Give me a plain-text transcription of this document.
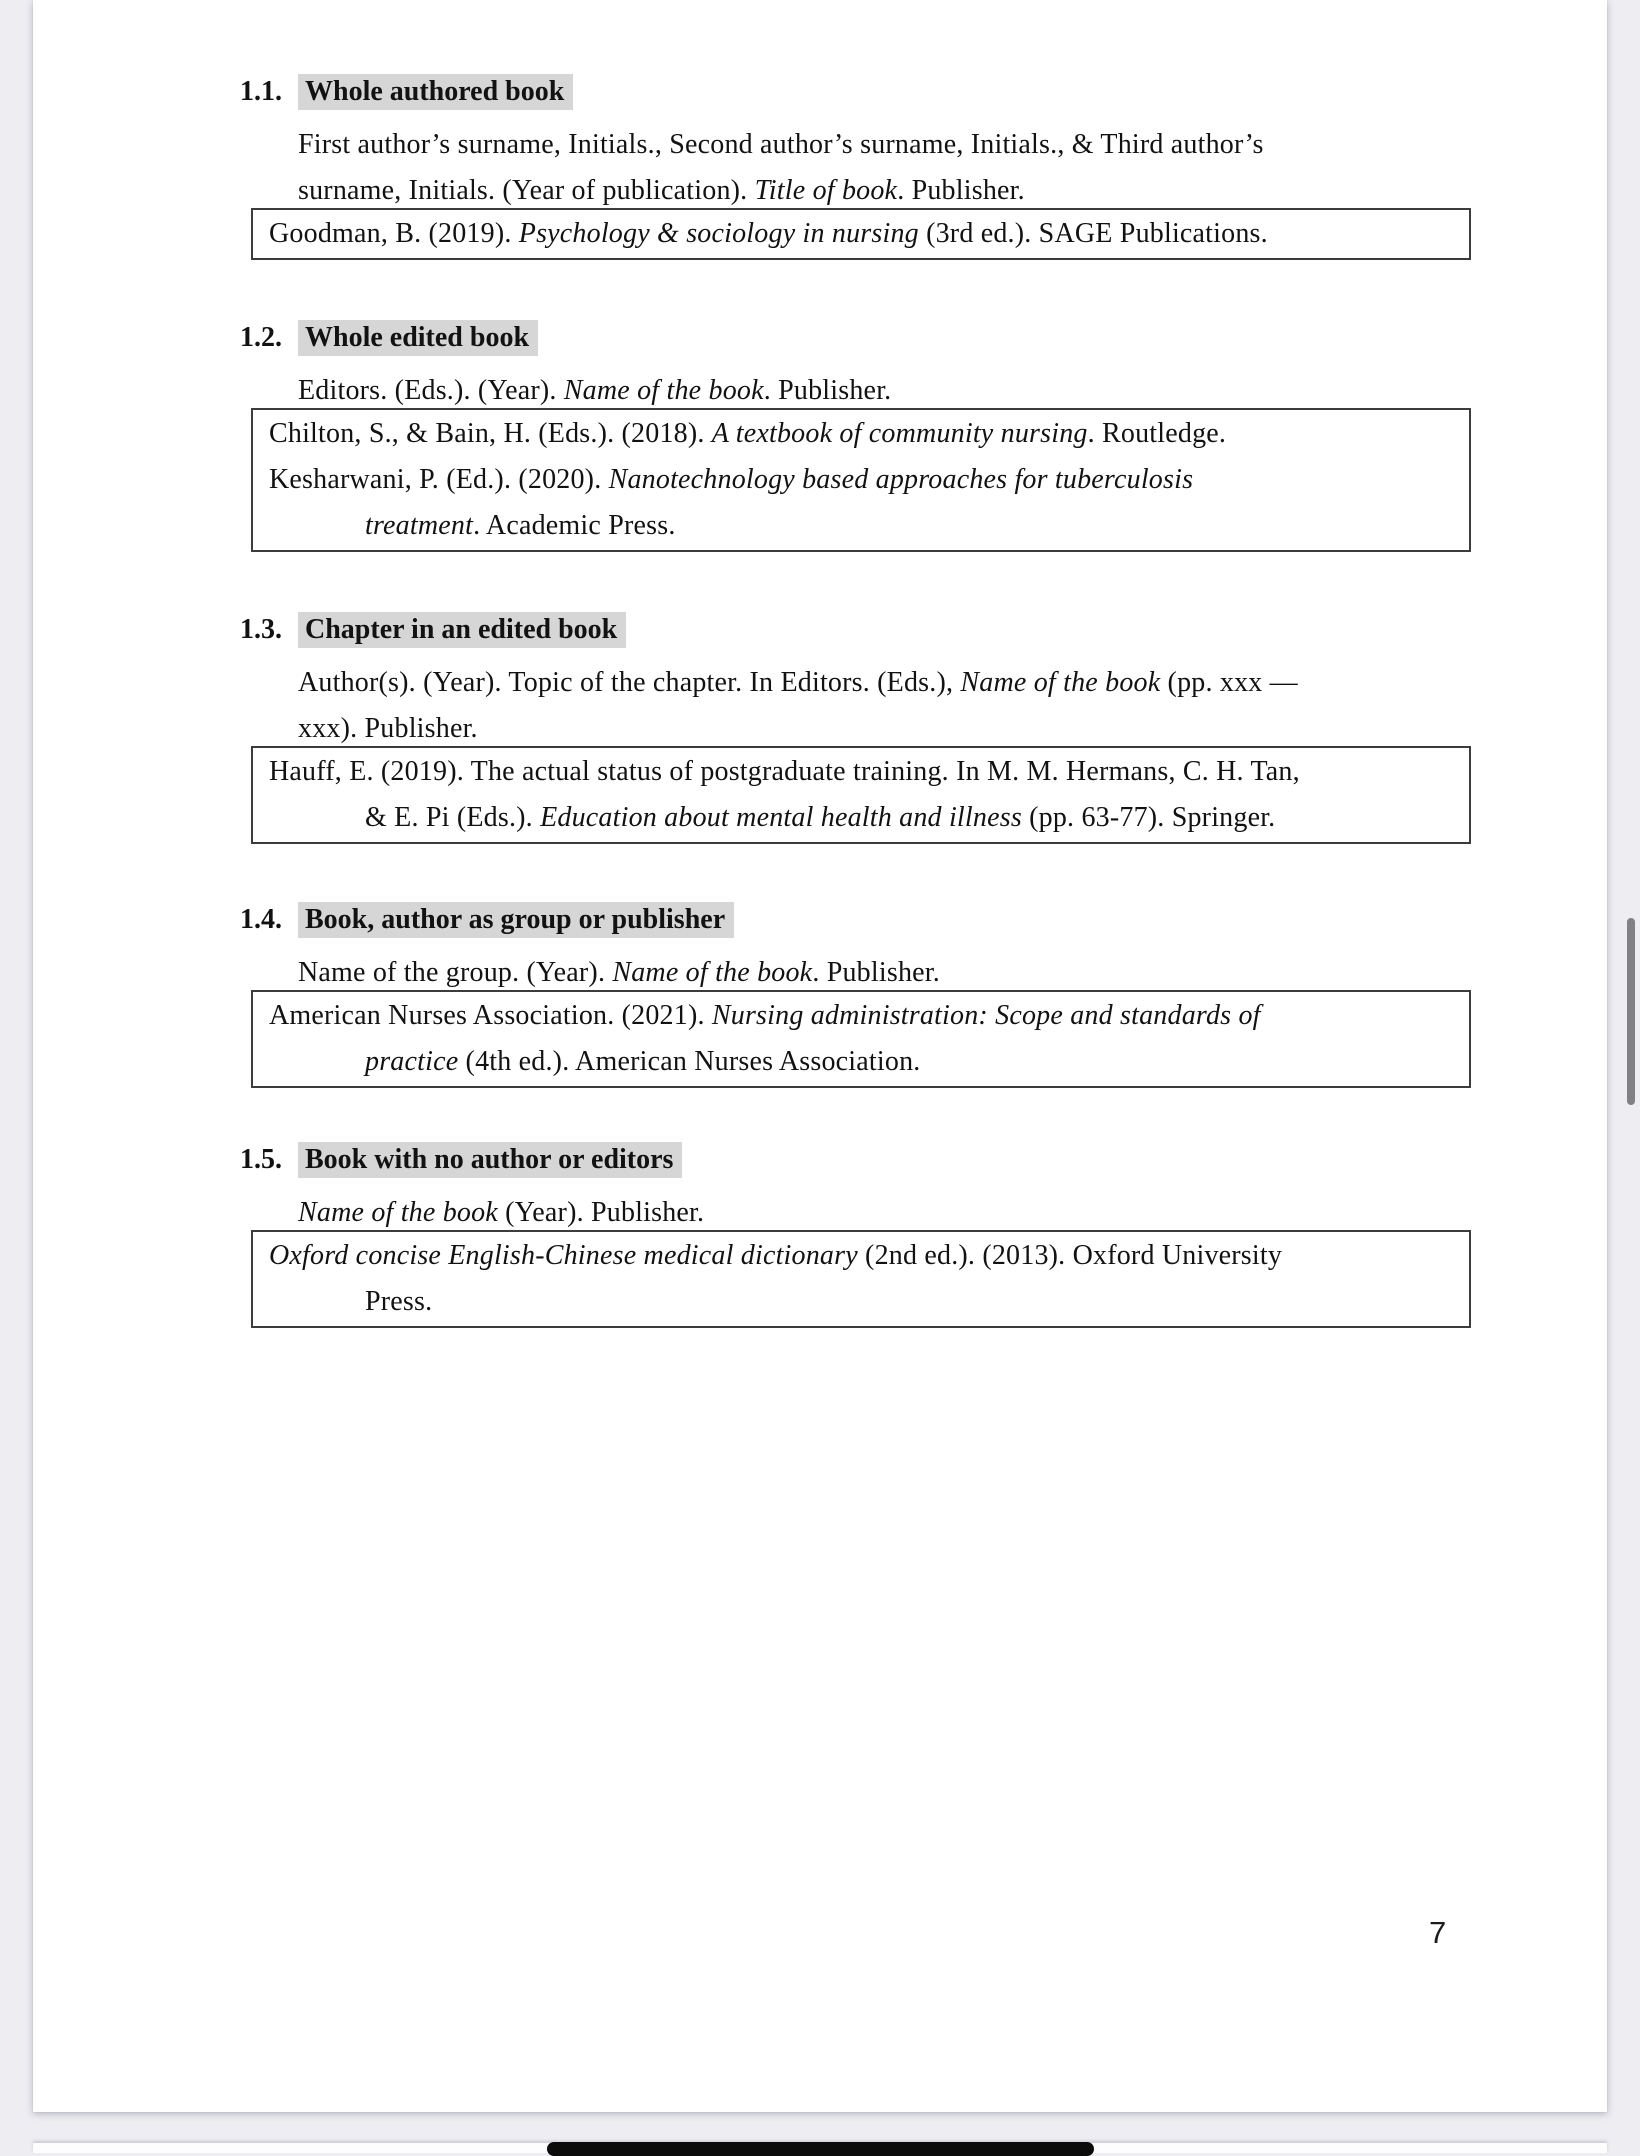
1.1. Whole authored book
First author’s surname, Initials., Second author’s surname, Initials., & Third author’s
surname, Initials. (Year of publication). Title of book. Publisher.
Goodman, B. (2019). Psychology & sociology in nursing (3rd ed.). SAGE Publications.
1.2. Whole edited book
Editors. (Eds.). (Year). Name of the book. Publisher.
Chilton, S., & Bain, H. (Eds.). (2018). A textbook of community nursing. Routledge.
Kesharwani, P. (Ed.). (2020). Nanotechnology based approaches for tuberculosis
treatment. Academic Press.
1.3. Chapter in an edited book
Author(s). (Year). Topic of the chapter. In Editors. (Eds.), Name of the book (pp. xxx —
xxx). Publisher.
Hauff, E. (2019). The actual status of postgraduate training. In M. M. Hermans, C. H. Tan,
& E. Pi (Eds.). Education about mental health and illness (pp. 63-77). Springer.
1.4. Book, author as group or publisher
Name of the group. (Year). Name of the book. Publisher.
American Nurses Association. (2021). Nursing administration: Scope and standards of
practice (4th ed.). American Nurses Association.
1.5. Book with no author or editors
Name of the book (Year). Publisher.
Oxford concise English-Chinese medical dictionary (2nd ed.). (2013). Oxford University
Press.
7
